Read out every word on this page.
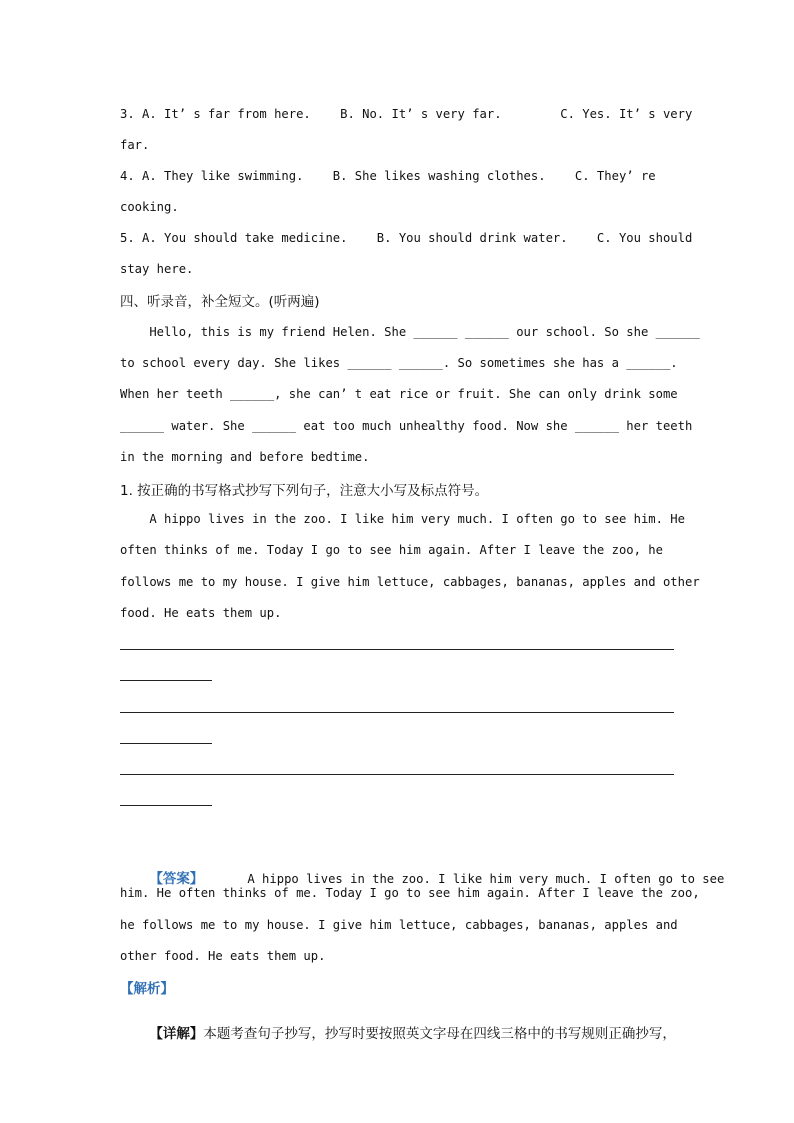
3. A. It’ s far from here.    B. No. It’ s very far.        C. Yes. It’ s very
far.
4. A. They like swimming.    B. She likes washing clothes.    C. They’ re
cooking.
5. A. You should take medicine.    B. You should drink water.    C. You should
stay here.
四、听录音，补全短文。(听两遍)
Hello, this is my friend Helen. She ______ ______ our school. So she ______
to school every day. She likes ______ ______. So sometimes she has a ______.
When her teeth ______, she can’ t eat rice or fruit. She can only drink some
______ water. She ______ eat too much unhealthy food. Now she ______ her teeth
in the morning and before bedtime.
1. 按正确的书写格式抄写下列句子，注意大小写及标点符号。
A hippo lives in the zoo. I like him very much. I often go to see him. He
often thinks of me. Today I go to see him again. After I leave the zoo, he
follows me to my house. I give him lettuce, cabbages, bananas, apples and other
food. He eats them up.

【答案】      A hippo lives in the zoo. I like him very much. I often go to see

him. He often thinks of me. Today I go to see him again. After I leave the zoo,
he follows me to my house. I give him lettuce, cabbages, bananas, apples and
other food. He eats them up.
【解析】

【详解】本题考查句子抄写，抄写时要按照英文字母在四线三格中的书写规则正确抄写，
